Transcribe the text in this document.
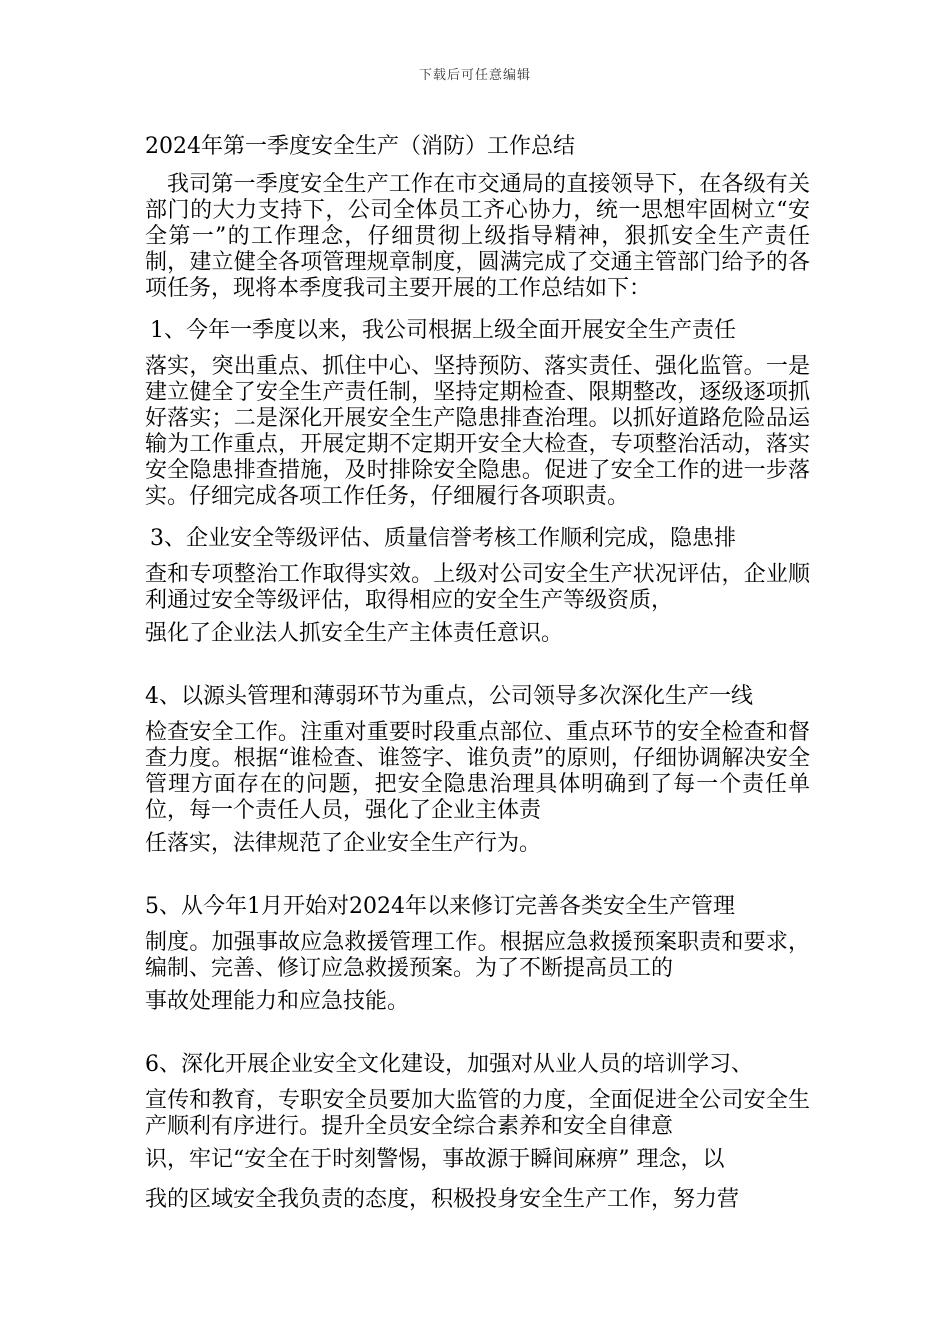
下载后可任意编辑
2024年第一季度安全生产（消防）工作总结

我司第一季度安全生产工作在市交通局的直接领导下，在各级有关部门的大力支持下，公司全体员工齐心协力，统一思想牢固树立“安全第一”的工作理念，仔细贯彻上级指导精神，狠抓安全生产责任制，建立健全各项管理规章制度，圆满完成了交通主管部门给予的各项任务，现将本季度我司主要开展的工作总结如下：

1、今年一季度以来，我公司根据上级全面开展安全生产责任
落实，突出重点、抓住中心、坚持预防、落实责任、强化监管。一是建立健全了安全生产责任制，坚持定期检查、限期整改，逐级逐项抓好落实；二是深化开展安全生产隐患排查治理。以抓好道路危险品运输为工作重点，开展定期不定期开安全大检查，专项整治活动，落实安全隐患排查措施，及时排除安全隐患。促进了安全工作的进一步落实。仔细完成各项工作任务，仔细履行各项职责。
3、企业安全等级评估、质量信誉考核工作顺利完成，隐患排
查和专项整治工作取得实效。上级对公司安全生产状况评估，企业顺利通过安全等级评估，取得相应的安全生产等级资质，
强化了企业法人抓安全生产主体责任意识。
4、以源头管理和薄弱环节为重点，公司领导多次深化生产一线
检查安全工作。注重对重要时段重点部位、重点环节的安全检查和督查力度。根据“谁检查、谁签字、谁负责”的原则，仔细协调解决安全管理方面存在的问题，把安全隐患治理具体明确到了每一个责任单位，每一个责任人员，强化了企业主体责
任落实，法律规范了企业安全生产行为。
5、从今年1月开始对2024年以来修订完善各类安全生产管理
制度。加强事故应急救援管理工作。根据应急救援预案职责和要求，编制、完善、修订应急救援预案。为了不断提高员工的
事故处理能力和应急技能。
6、深化开展企业安全文化建设，加强对从业人员的培训学习、
宣传和教育，专职安全员要加大监管的力度，全面促进全公司安全生产顺利有序进行。提升全员安全综合素养和安全自律意
识，牢记“安全在于时刻警惕，事故源于瞬间麻痹” 理念，以
我的区域安全我负责的态度，积极投身安全生产工作，努力营
